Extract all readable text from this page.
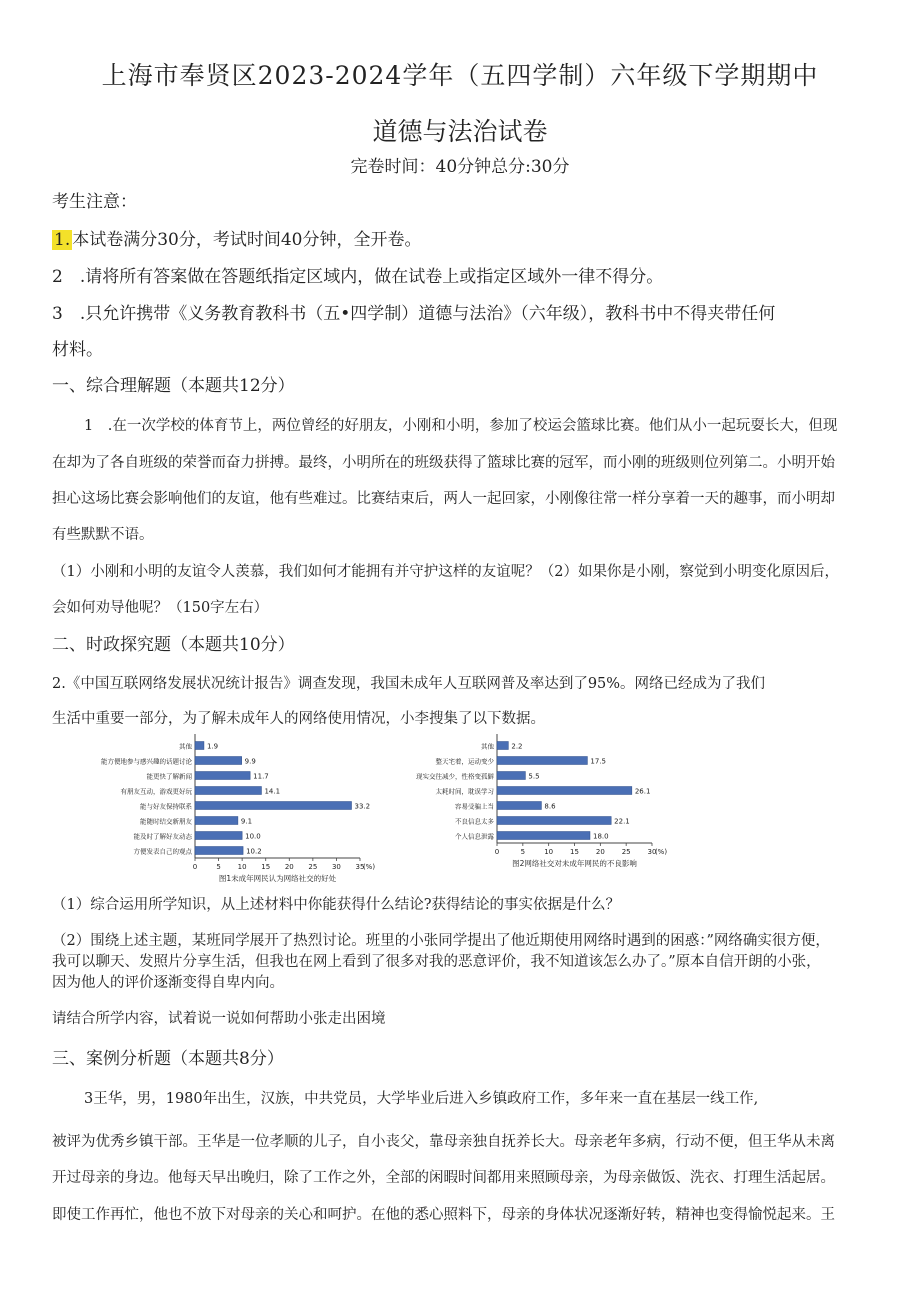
上海市奉贤区2023-2024学年（五四学制）六年级下学期期中
道德与法治试卷
完卷时间：40分钟总分:30分
考生注意：
1. 本试卷满分30分，考试时间40分钟，全开卷。
2　.请将所有答案做在答题纸指定区域内，做在试卷上或指定区域外一律不得分。
3　.只允许携带《义务教育教科书（五•四学制）道德与法治》（六年级），教科书中不得夹带任何
材料。
一、综合理解题（本题共12分）
1　.在一次学校的体育节上，两位曾经的好朋友，小刚和小明，参加了校运会篮球比赛。他们从小一起玩耍长大，但现
在却为了各自班级的荣誉而奋力拼搏。最终，小明所在的班级获得了篮球比赛的冠军，而小刚的班级则位列第二。小明开始
担心这场比赛会影响他们的友谊，他有些难过。比赛结束后，两人一起回家，小刚像往常一样分享着一天的趣事，而小明却
有些默默不语。
（1）小刚和小明的友谊令人羡慕，我们如何才能拥有并守护这样的友谊呢？（2）如果你是小刚，察觉到小明变化原因后，
会如何劝导他呢？（150字左右）
二、时政探究题（本题共10分）
2.《中国互联网络发展状况统计报告》调查发现，我国未成年人互联网普及率达到了95%。网络已经成为了我们
生活中重要一部分，为了解未成年人的网络使用情况，小李搜集了以下数据。
其他 1.9
能方便地参与感兴趣的话题讨论	9.9
能更快了解新闻	11.7
有朋友互动，游戏更好玩	14.1
能与好友保持联系	33.2
能随时结交新朋友	9.1
能及时了解好友动态	10.0
方便发表自己的观点	10.2
0	5 10 15 20 25 30 35
(%)
图1未成年网民认为网络社交的好处
其他 2.2
整天宅着，运动变少	17.5
现实交往减少，性格变孤僻	5.5
太耗时间，耽误学习	26.1
容易受骗上当	8.6
不良信息太多	22.1
个人信息泄露	18.0
0	5	10 15 20 25 30
(%)
图2网络社交对未成年网民的不良影响
（1）综合运用所学知识，从上述材料中你能获得什么结论?获得结论的事实依据是什么？
（2）围绕上述主题，某班同学展开了热烈讨论。班里的小张同学提出了他近期使用网络时遇到的困惑：”网络确实很方便，
我可以聊天、发照片分享生活，但我也在网上看到了很多对我的恶意评价，我不知道该怎么办了。”原本自信开朗的小张，
因为他人的评价逐渐变得自卑内向。
请结合所学内容，试着说一说如何帮助小张走出困境
三、案例分析题（本题共8分）
3王华，男，1980年出生，汉族，中共党员，大学毕业后进入乡镇政府工作，多年来一直在基层一线工作,
被评为优秀乡镇干部。王华是一位孝顺的儿子，自小丧父，靠母亲独自抚养长大。母亲老年多病，行动不便，但王华从未离
开过母亲的身边。他每天早出晚归，除了工作之外，全部的闲暇时间都用来照顾母亲，为母亲做饭、洗衣、打理生活起居。
即使工作再忙，他也不放下对母亲的关心和呵护。在他的悉心照料下，母亲的身体状况逐渐好转，精神也变得愉悦起来。王
